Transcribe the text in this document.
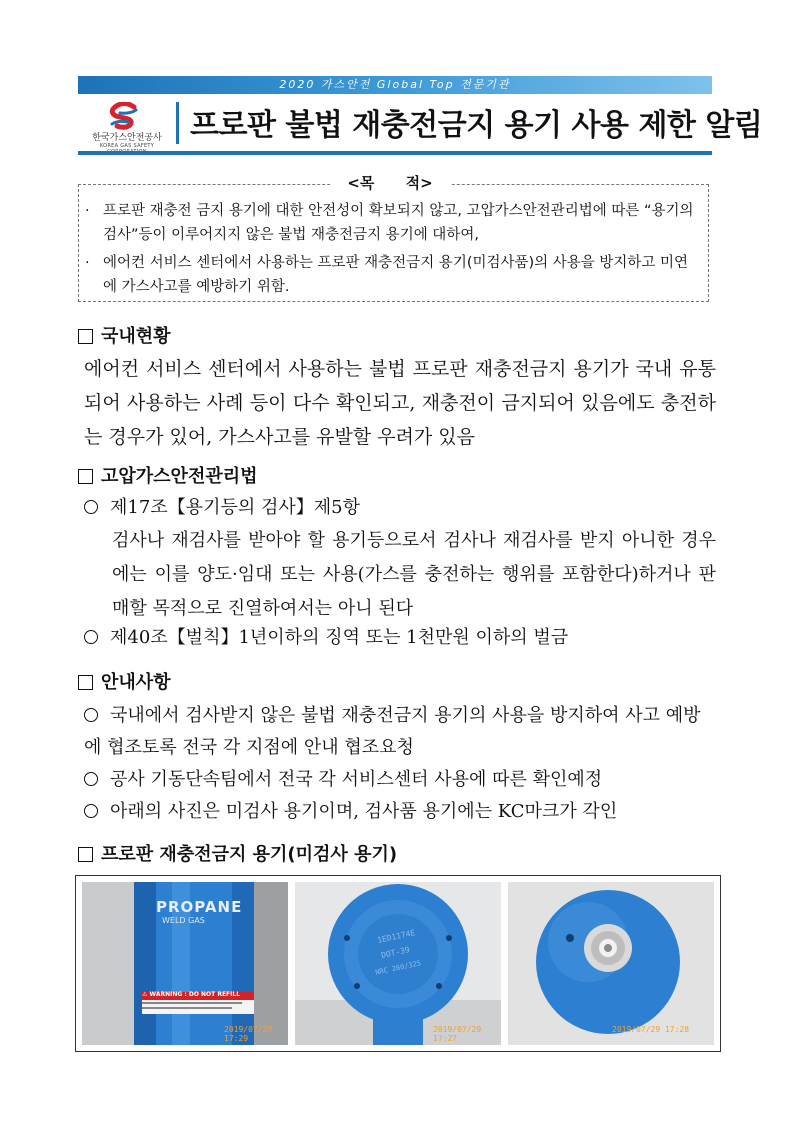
2020 가스안전 Global Top 전문기관
한국가스안전공사
KOREA GAS SAFETY
프로판 불법 재충전금지 용기 사용 제한 알림
· 프로판 재충전 금지 용기에 대한 안전성이 확보되지 않고, 고압가스안전관리법에 따른 “용기의 검사”등이 이루어지지 않은 불법 재충전금지 용기에 대하여,
· 에어컨 서비스 센터에서 사용하는 프로판 재충전금지 용기(미검사품)의 사용을 방지하고 미연에 가스사고를 예방하기 위함.
<목      적>
국내현황
에어컨 서비스 센터에서 사용하는 불법 프로판 재충전금지 용기가 국내 유통되어 사용하는 사례 등이 다수 확인되고, 재충전이 금지되어 있음에도 충전하는 경우가 있어, 가스사고를 유발할 우려가 있음
고압가스안전관리법
제17조【용기등의 검사】제5항
검사나 재검사를 받아야 할 용기등으로서 검사나 재검사를 받지 아니한 경우에는 이를 양도·임대 또는 사용(가스를 충전하는 행위를 포함한다)하거나 판매할 목적으로 진열하여서는 아니 된다
제40조【벌칙】1년이하의 징역 또는 1천만원 이하의 벌금
안내사항
국내에서 검사받지 않은 불법 재충전금지 용기의 사용을 방지하여 사고 예방에 협조토록 전국 각 지점에 안내 협조요청
공사 기동단속팀에서 전국 각 서비스센터 사용에 따른 확인예정
아래의 사진은 미검사 용기이며, 검사품 용기에는 KC마크가 각인
프로판 재충전금지 용기(미검사 용기)
PROPANE
WELD GAS
⚠ WARNING : DO NOT REFILL
2019/07/29 17:29
1ED1174E
DOT-39
NRC 260/325
2019/07/29 17:27
2019/07/29 17:28
